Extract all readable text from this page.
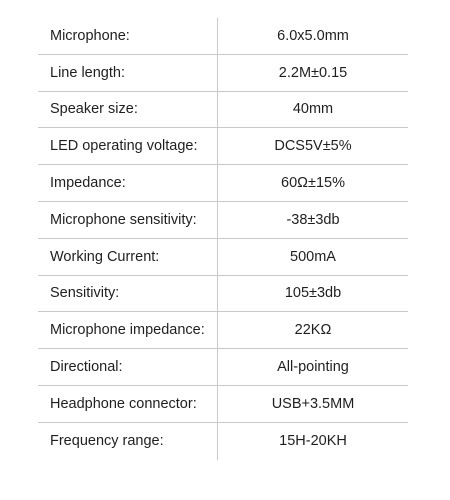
Microphone:	6.0x5.0mm
Line length:	2.2M±0.15
Speaker size:	40mm
LED operating voltage:	DCS5V±5%
Impedance:	60Ω±15%
Microphone sensitivity:	-38±3db
Working Current:	500mA
Sensitivity:	105±3db
Microphone impedance:	22KΩ
Directional:	All-pointing
Headphone connector:	USB+3.5MM
Frequency range:	15H-20KH
